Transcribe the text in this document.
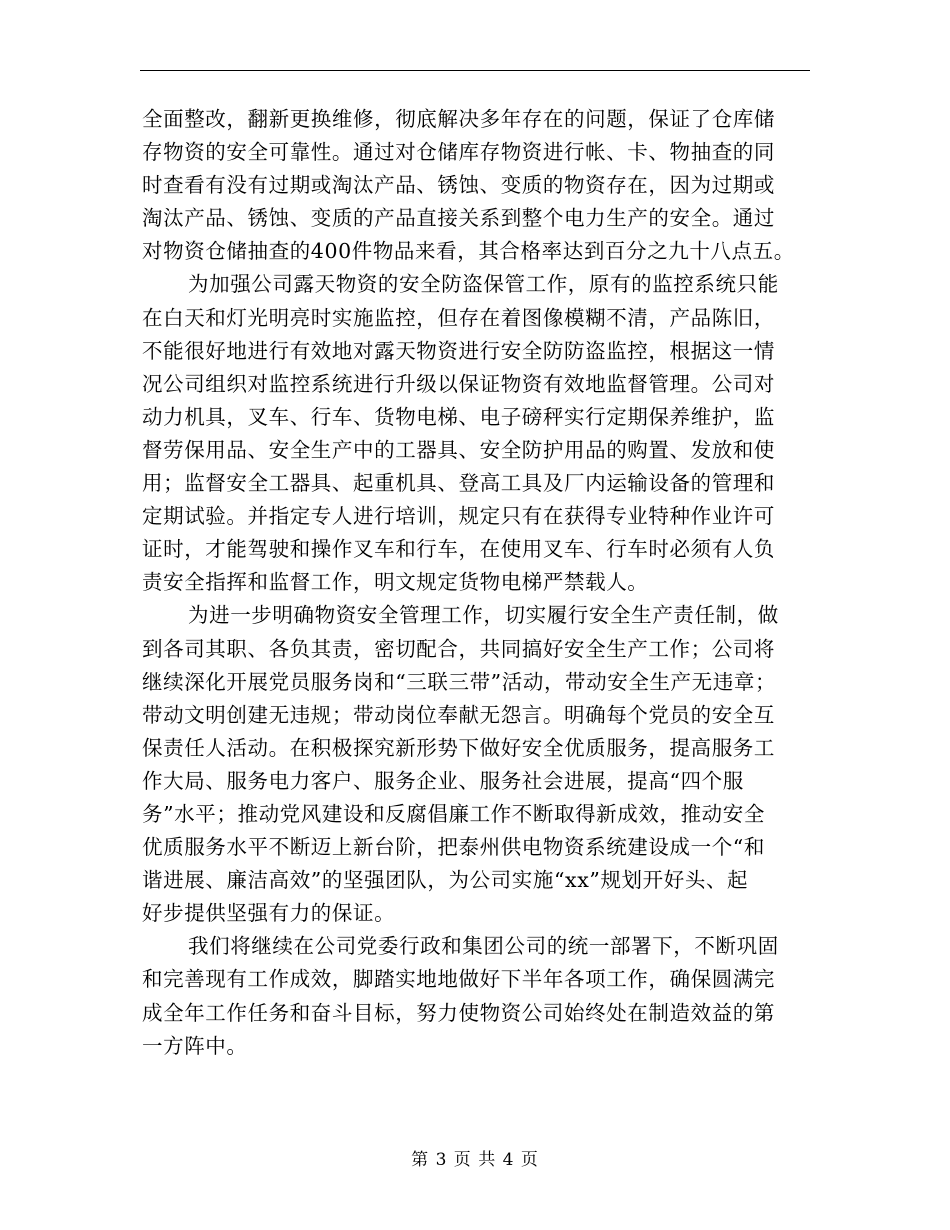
全面整改，翻新更换维修，彻底解决多年存在的问题，保证了仓库储
存物资的安全可靠性。通过对仓储库存物资进行帐、卡、物抽查的同
时查看有没有过期或淘汰产品、锈蚀、变质的物资存在，因为过期或
淘汰产品、锈蚀、变质的产品直接关系到整个电力生产的安全。通过
对物资仓储抽查的400件物品来看，其合格率达到百分之九十八点五。
为加强公司露天物资的安全防盗保管工作，原有的监控系统只能
在白天和灯光明亮时实施监控，但存在着图像模糊不清，产品陈旧，
不能很好地进行有效地对露天物资进行安全防防盗监控，根据这一情
况公司组织对监控系统进行升级以保证物资有效地监督管理。公司对
动力机具，叉车、行车、货物电梯、电子磅秤实行定期保养维护，监
督劳保用品、安全生产中的工器具、安全防护用品的购置、发放和使
用；监督安全工器具、起重机具、登高工具及厂内运输设备的管理和
定期试验。并指定专人进行培训，规定只有在获得专业特种作业许可
证时，才能驾驶和操作叉车和行车，在使用叉车、行车时必须有人负
责安全指挥和监督工作，明文规定货物电梯严禁载人。
为进一步明确物资安全管理工作，切实履行安全生产责任制，做
到各司其职、各负其责，密切配合，共同搞好安全生产工作；公司将
继续深化开展党员服务岗和“三联三带”活动，带动安全生产无违章；
带动文明创建无违规；带动岗位奉献无怨言。明确每个党员的安全互
保责任人活动。在积极探究新形势下做好安全优质服务，提高服务工
作大局、服务电力客户、服务企业、服务社会进展，提高“四个服
务”水平；推动党风建设和反腐倡廉工作不断取得新成效，推动安全
优质服务水平不断迈上新台阶，把泰州供电物资系统建设成一个“和
谐进展、廉洁高效”的坚强团队，为公司实施“xx”规划开好头、起
好步提供坚强有力的保证。
我们将继续在公司党委行政和集团公司的统一部署下，不断巩固
和完善现有工作成效，脚踏实地地做好下半年各项工作，确保圆满完
成全年工作任务和奋斗目标，努力使物资公司始终处在制造效益的第
一方阵中。
第 3 页 共 4 页
